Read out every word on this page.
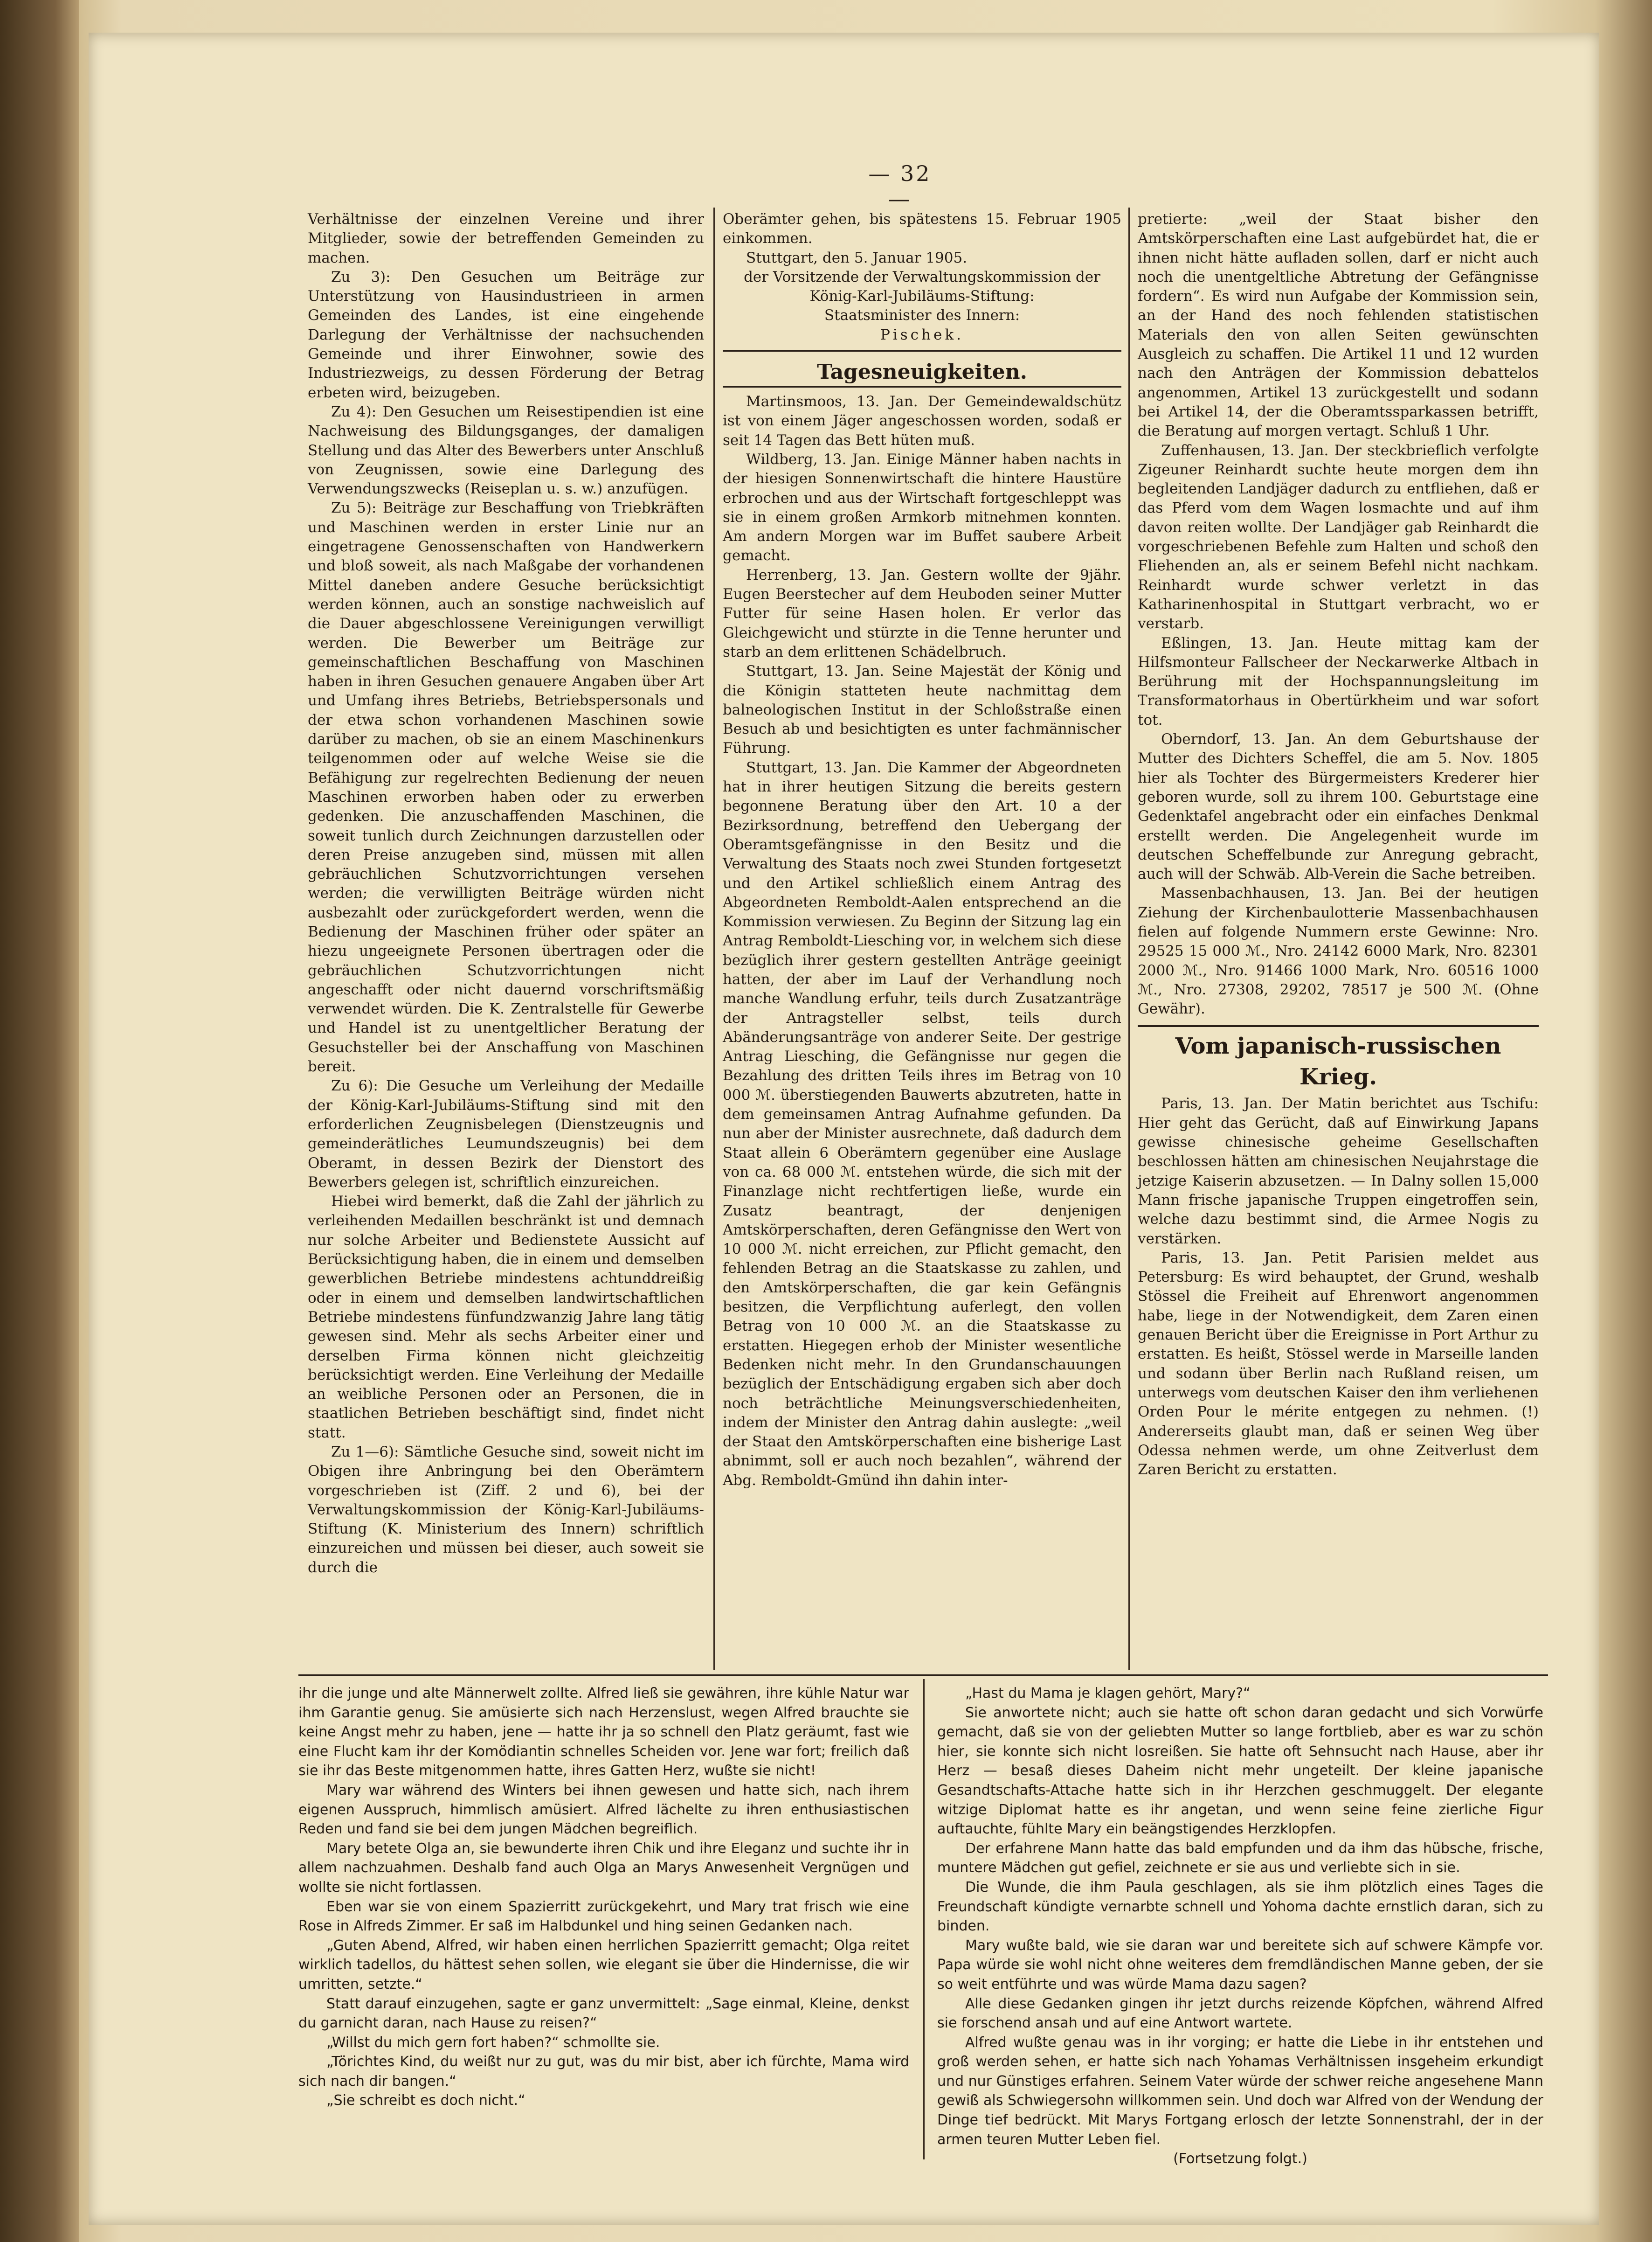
— 32 —

Verhältnisse der einzelnen Vereine und ihrer Mitglieder, sowie der betreffenden Gemeinden zu machen.

Zu 3): Den Gesuchen um Beiträge zur Unterstützung von Hausindustrieen in armen Gemeinden des Landes, ist eine eingehende Darlegung der Verhältnisse der nachsuchenden Gemeinde und ihrer Einwohner, sowie des Industriezweigs, zu dessen Förderung der Betrag erbeten wird, beizugeben.

Zu 4): Den Gesuchen um Reisestipendien ist eine Nachweisung des Bildungsganges, der damaligen Stellung und das Alter des Bewerbers unter Anschluß von Zeugnissen, sowie eine Darlegung des Verwendungszwecks (Reiseplan u. s. w.) anzufügen.

Zu 5): Beiträge zur Beschaffung von Triebkräften und Maschinen werden in erster Linie nur an eingetragene Genossenschaften von Handwerkern und bloß soweit, als nach Maßgabe der vorhandenen Mittel daneben andere Gesuche berücksichtigt werden können, auch an sonstige nachweislich auf die Dauer abgeschlossene Vereinigungen verwilligt werden. Die Bewerber um Beiträge zur gemeinschaftlichen Beschaffung von Maschinen haben in ihren Gesuchen genauere Angaben über Art und Umfang ihres Betriebs, Betriebspersonals und der etwa schon vorhandenen Maschinen sowie darüber zu machen, ob sie an einem Maschinenkurs teilgenommen oder auf welche Weise sie die Befähigung zur regelrechten Bedienung der neuen Maschinen erworben haben oder zu erwerben gedenken. Die anzuschaffenden Maschinen, die soweit tunlich durch Zeichnungen darzustellen oder deren Preise anzugeben sind, müssen mit allen gebräuchlichen Schutzvorrichtungen versehen werden; die verwilligten Beiträge würden nicht ausbezahlt oder zurückgefordert werden, wenn die Bedienung der Maschinen früher oder später an hiezu ungeeignete Personen übertragen oder die gebräuchlichen Schutzvorrichtungen nicht angeschafft oder nicht dauernd vorschriftsmäßig verwendet würden. Die K. Zentralstelle für Gewerbe und Handel ist zu unentgeltlicher Beratung der Gesuchsteller bei der Anschaffung von Maschinen bereit.

Zu 6): Die Gesuche um Verleihung der Medaille der König-Karl-Jubiläums-Stiftung sind mit den erforderlichen Zeugnisbelegen (Dienstzeugnis und gemeinderätliches Leumundszeugnis) bei dem Oberamt, in dessen Bezirk der Dienstort des Bewerbers gelegen ist, schriftlich einzureichen.

Hiebei wird bemerkt, daß die Zahl der jährlich zu verleihenden Medaillen beschränkt ist und demnach nur solche Arbeiter und Bedienstete Aussicht auf Berücksichtigung haben, die in einem und demselben gewerblichen Betriebe mindestens achtunddreißig oder in einem und demselben landwirtschaftlichen Betriebe mindestens fünfundzwanzig Jahre lang tätig gewesen sind. Mehr als sechs Arbeiter einer und derselben Firma können nicht gleichzeitig berücksichtigt werden. Eine Verleihung der Medaille an weibliche Personen oder an Personen, die in staatlichen Betrieben beschäftigt sind, findet nicht statt.

Zu 1—6): Sämtliche Gesuche sind, soweit nicht im Obigen ihre Anbringung bei den Oberämtern vorgeschrieben ist (Ziff. 2 und 6), bei der Verwaltungskommission der König-Karl-Jubiläums-Stiftung (K. Ministerium des Innern) schriftlich einzureichen und müssen bei dieser, auch soweit sie durch die

Oberämter gehen, bis spätestens 15. Februar 1905 einkommen.

Stuttgart, den 5. Januar 1905.

der Vorsitzende der Verwaltungskommission der König-Karl-Jubiläums-Stiftung:

Staatsminister des Innern:

Pischek.

Tagesneuigkeiten.

Martinsmoos, 13. Jan. Der Gemeindewaldschütz ist von einem Jäger angeschossen worden, sodaß er seit 14 Tagen das Bett hüten muß.

Wildberg, 13. Jan. Einige Männer haben nachts in der hiesigen Sonnenwirtschaft die hintere Haustüre erbrochen und aus der Wirtschaft fortgeschleppt was sie in einem großen Armkorb mitnehmen konnten. Am andern Morgen war im Buffet saubere Arbeit gemacht.

Herrenberg, 13. Jan. Gestern wollte der 9jähr. Eugen Beerstecher auf dem Heuboden seiner Mutter Futter für seine Hasen holen. Er verlor das Gleichgewicht und stürzte in die Tenne herunter und starb an dem erlittenen Schädelbruch.

Stuttgart, 13. Jan. Seine Majestät der König und die Königin statteten heute nachmittag dem balneologischen Institut in der Schloßstraße einen Besuch ab und besichtigten es unter fachmännischer Führung.

Stuttgart, 13. Jan. Die Kammer der Abgeordneten hat in ihrer heutigen Sitzung die bereits gestern begonnene Beratung über den Art. 10 a der Bezirksordnung, betreffend den Uebergang der Oberamtsgefängnisse in den Besitz und die Verwaltung des Staats noch zwei Stunden fortgesetzt und den Artikel schließlich einem Antrag des Abgeordneten Remboldt-Aalen entsprechend an die Kommission verwiesen. Zu Beginn der Sitzung lag ein Antrag Remboldt-Liesching vor, in welchem sich diese bezüglich ihrer gestern gestellten Anträge geeinigt hatten, der aber im Lauf der Verhandlung noch manche Wandlung erfuhr, teils durch Zusatzanträge der Antragsteller selbst, teils durch Abänderungsanträge von anderer Seite. Der gestrige Antrag Liesching, die Gefängnisse nur gegen die Bezahlung des dritten Teils ihres im Betrag von 10 000 ℳ. überstiegenden Bauwerts abzutreten, hatte in dem gemeinsamen Antrag Aufnahme gefunden. Da nun aber der Minister ausrechnete, daß dadurch dem Staat allein 6 Oberämtern gegenüber eine Auslage von ca. 68 000 ℳ. entstehen würde, die sich mit der Finanzlage nicht rechtfertigen ließe, wurde ein Zusatz beantragt, der denjenigen Amtskörperschaften, deren Gefängnisse den Wert von 10 000 ℳ. nicht erreichen, zur Pflicht gemacht, den fehlenden Betrag an die Staatskasse zu zahlen, und den Amtskörperschaften, die gar kein Gefängnis besitzen, die Verpflichtung auferlegt, den vollen Betrag von 10 000 ℳ. an die Staatskasse zu erstatten. Hiegegen erhob der Minister wesentliche Bedenken nicht mehr. In den Grundanschauungen bezüglich der Entschädigung ergaben sich aber doch noch beträchtliche Meinungsverschiedenheiten, indem der Minister den Antrag dahin auslegte: „weil der Staat den Amtskörperschaften eine bisherige Last abnimmt, soll er auch noch bezahlen“, während der Abg. Remboldt-Gmünd ihn dahin inter-

pretierte: „weil der Staat bisher den Amtskörperschaften eine Last aufgebürdet hat, die er ihnen nicht hätte aufladen sollen, darf er nicht auch noch die unentgeltliche Abtretung der Gefängnisse fordern“. Es wird nun Aufgabe der Kommission sein, an der Hand des noch fehlenden statistischen Materials den von allen Seiten gewünschten Ausgleich zu schaffen. Die Artikel 11 und 12 wurden nach den Anträgen der Kommission debattelos angenommen, Artikel 13 zurückgestellt und sodann bei Artikel 14, der die Oberamtssparkassen betrifft, die Beratung auf morgen vertagt. Schluß 1 Uhr.

Zuffenhausen, 13. Jan. Der steckbrieflich verfolgte Zigeuner Reinhardt suchte heute morgen dem ihn begleitenden Landjäger dadurch zu entfliehen, daß er das Pferd vom dem Wagen losmachte und auf ihm davon reiten wollte. Der Landjäger gab Reinhardt die vorgeschriebenen Befehle zum Halten und schoß den Fliehenden an, als er seinem Befehl nicht nachkam. Reinhardt wurde schwer verletzt in das Katharinenhospital in Stuttgart verbracht, wo er verstarb.

Eßlingen, 13. Jan. Heute mittag kam der Hilfsmonteur Fallscheer der Neckarwerke Altbach in Berührung mit der Hochspannungsleitung im Transformatorhaus in Obertürkheim und war sofort tot.

Oberndorf, 13. Jan. An dem Geburtshause der Mutter des Dichters Scheffel, die am 5. Nov. 1805 hier als Tochter des Bürgermeisters Krederer hier geboren wurde, soll zu ihrem 100. Geburtstage eine Gedenktafel angebracht oder ein einfaches Denkmal erstellt werden. Die Angelegenheit wurde im deutschen Scheffelbunde zur Anregung gebracht, auch will der Schwäb. Alb-Verein die Sache betreiben.

Massenbachhausen, 13. Jan. Bei der heutigen Ziehung der Kirchenbaulotterie Massenbachhausen fielen auf folgende Nummern erste Gewinne: Nro. 29525 15 000 ℳ., Nro. 24142 6000 Mark, Nro. 82301 2000 ℳ., Nro. 91466 1000 Mark, Nro. 60516 1000 ℳ., Nro. 27308, 29202, 78517 je 500 ℳ. (Ohne Gewähr).

Vom japanisch-russischen Krieg.

Paris, 13. Jan. Der Matin berichtet aus Tschifu: Hier geht das Gerücht, daß auf Einwirkung Japans gewisse chinesische geheime Gesellschaften beschlossen hätten am chinesischen Neujahrstage die jetzige Kaiserin abzusetzen. — In Dalny sollen 15,000 Mann frische japanische Truppen eingetroffen sein, welche dazu bestimmt sind, die Armee Nogis zu verstärken.

Paris, 13. Jan. Petit Parisien meldet aus Petersburg: Es wird behauptet, der Grund, weshalb Stössel die Freiheit auf Ehrenwort angenommen habe, liege in der Notwendigkeit, dem Zaren einen genauen Bericht über die Ereignisse in Port Arthur zu erstatten. Es heißt, Stössel werde in Marseille landen und sodann über Berlin nach Rußland reisen, um unterwegs vom deutschen Kaiser den ihm verliehenen Orden Pour le mérite entgegen zu nehmen. (!) Andererseits glaubt man, daß er seinen Weg über Odessa nehmen werde, um ohne Zeitverlust dem Zaren Bericht zu erstatten.

ihr die junge und alte Männerwelt zollte. Alfred ließ sie gewähren, ihre kühle Natur war ihm Garantie genug. Sie amüsierte sich nach Herzenslust, wegen Alfred brauchte sie keine Angst mehr zu haben, jene — hatte ihr ja so schnell den Platz geräumt, fast wie eine Flucht kam ihr der Komödiantin schnelles Scheiden vor. Jene war fort; freilich daß sie ihr das Beste mitgenommen hatte, ihres Gatten Herz, wußte sie nicht!

Mary war während des Winters bei ihnen gewesen und hatte sich, nach ihrem eigenen Ausspruch, himmlisch amüsiert. Alfred lächelte zu ihren enthusiastischen Reden und fand sie bei dem jungen Mädchen begreiflich.

Mary betete Olga an, sie bewunderte ihren Chik und ihre Eleganz und suchte ihr in allem nachzuahmen. Deshalb fand auch Olga an Marys Anwesenheit Vergnügen und wollte sie nicht fortlassen.

Eben war sie von einem Spazierritt zurückgekehrt, und Mary trat frisch wie eine Rose in Alfreds Zimmer. Er saß im Halbdunkel und hing seinen Gedanken nach.

„Guten Abend, Alfred, wir haben einen herrlichen Spazierritt gemacht; Olga reitet wirklich tadellos, du hättest sehen sollen, wie elegant sie über die Hindernisse, die wir umritten, setzte.“

Statt darauf einzugehen, sagte er ganz unvermittelt: „Sage einmal, Kleine, denkst du garnicht daran, nach Hause zu reisen?“

„Willst du mich gern fort haben?“ schmollte sie.

„Törichtes Kind, du weißt nur zu gut, was du mir bist, aber ich fürchte, Mama wird sich nach dir bangen.“

„Sie schreibt es doch nicht.“

„Hast du Mama je klagen gehört, Mary?“

Sie anwortete nicht; auch sie hatte oft schon daran gedacht und sich Vorwürfe gemacht, daß sie von der geliebten Mutter so lange fortblieb, aber es war zu schön hier, sie konnte sich nicht losreißen. Sie hatte oft Sehnsucht nach Hause, aber ihr Herz — besaß dieses Daheim nicht mehr ungeteilt. Der kleine japanische Gesandtschafts-Attache hatte sich in ihr Herzchen geschmuggelt. Der elegante witzige Diplomat hatte es ihr angetan, und wenn seine feine zierliche Figur auftauchte, fühlte Mary ein beängstigendes Herzklopfen.

Der erfahrene Mann hatte das bald empfunden und da ihm das hübsche, frische, muntere Mädchen gut gefiel, zeichnete er sie aus und verliebte sich in sie.

Die Wunde, die ihm Paula geschlagen, als sie ihm plötzlich eines Tages die Freundschaft kündigte vernarbte schnell und Yohoma dachte ernstlich daran, sich zu binden.

Mary wußte bald, wie sie daran war und bereitete sich auf schwere Kämpfe vor. Papa würde sie wohl nicht ohne weiteres dem fremdländischen Manne geben, der sie so weit entführte und was würde Mama dazu sagen?

Alle diese Gedanken gingen ihr jetzt durchs reizende Köpfchen, während Alfred sie forschend ansah und auf eine Antwort wartete.

Alfred wußte genau was in ihr vorging; er hatte die Liebe in ihr entstehen und groß werden sehen, er hatte sich nach Yohamas Verhältnissen insgeheim erkundigt und nur Günstiges erfahren. Seinem Vater würde der schwer reiche angesehene Mann gewiß als Schwiegersohn willkommen sein. Und doch war Alfred von der Wendung der Dinge tief bedrückt. Mit Marys Fortgang erlosch der letzte Sonnenstrahl, der in der armen teuren Mutter Leben fiel.

(Fortsetzung folgt.)
